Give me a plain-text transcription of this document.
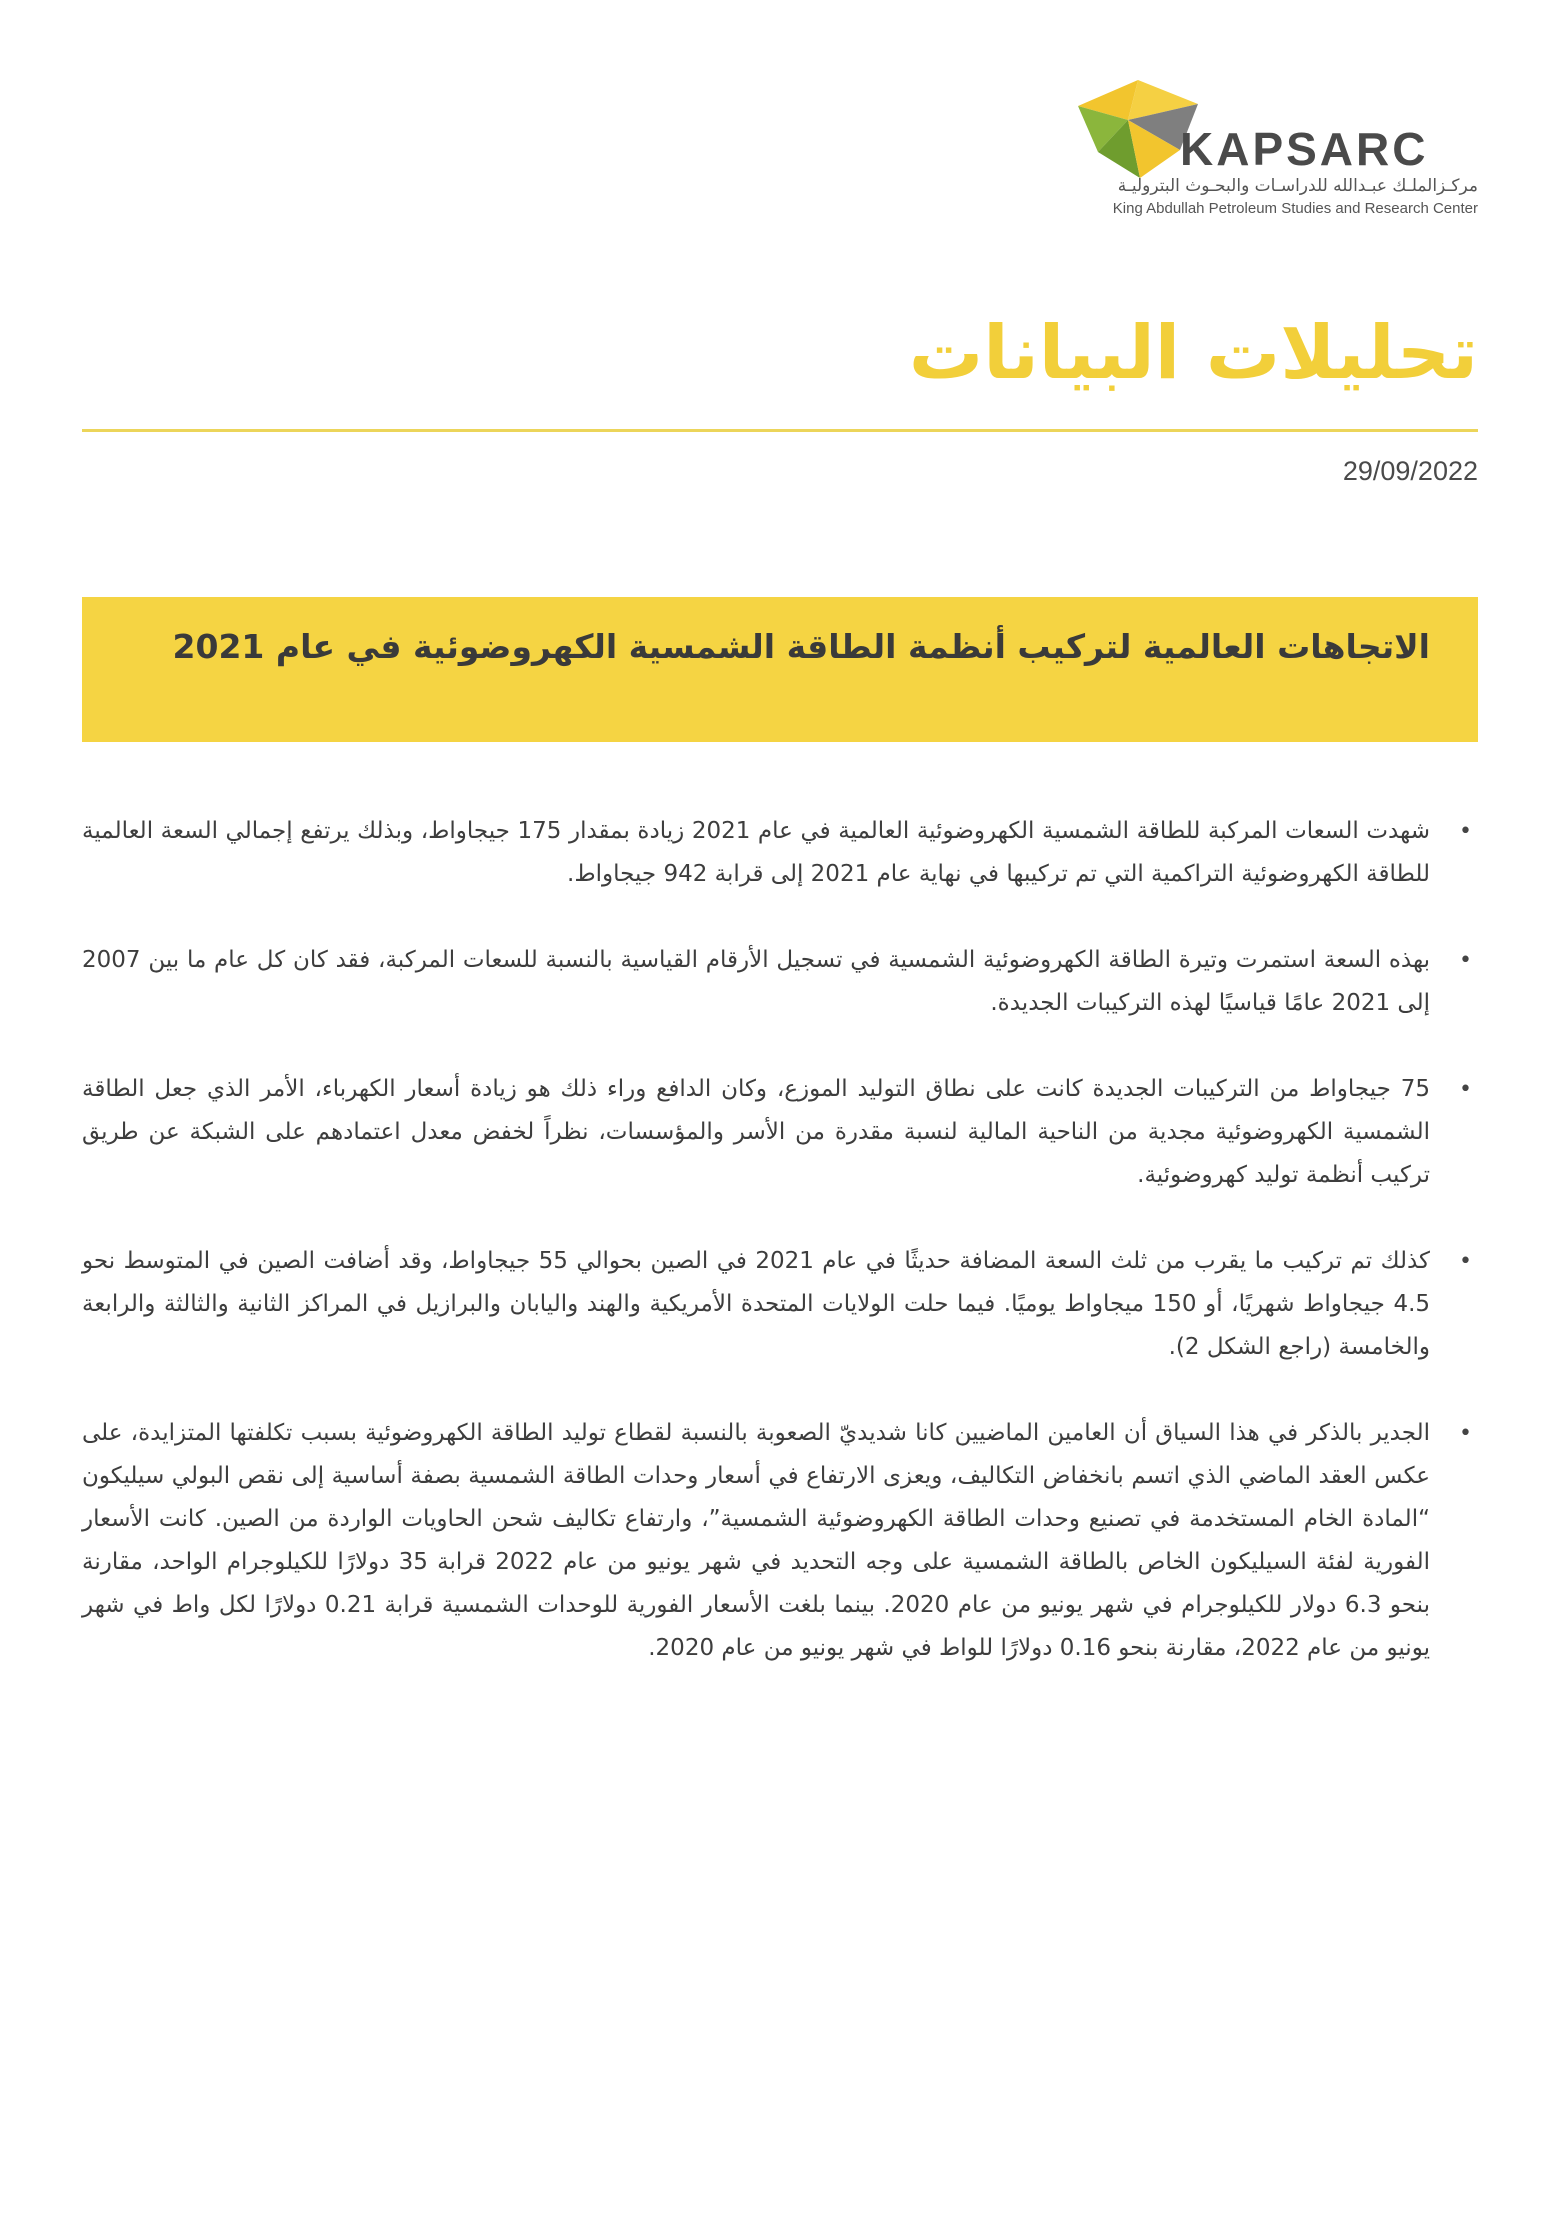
KAPSARC
مركـزالملـك عبـدالله للدراسـات والبحـوث البتروليـة
King Abdullah Petroleum Studies and Research Center
تحليلات البيانات
29/09/2022
الاتجاهات العالمية لتركيب أنظمة الطاقة الشمسية الكهروضوئية في عام 2021
•
شهدت السعات المركبة للطاقة الشمسية الكهروضوئية العالمية في عام 2021 زيادة بمقدار 175 جيجاواط، وبذلك يرتفع إجمالي السعة العالمية للطاقة الكهروضوئية التراكمية التي تم تركيبها في نهاية عام 2021 إلى قرابة 942 جيجاواط.
•
بهذه السعة استمرت وتيرة الطاقة الكهروضوئية الشمسية في تسجيل الأرقام القياسية بالنسبة للسعات المركبة، فقد كان كل عام ما بين 2007 إلى 2021 عامًا قياسيًا لهذه التركيبات الجديدة.
•
75 جيجاواط من التركيبات الجديدة كانت على نطاق التوليد الموزع، وكان الدافع وراء ذلك هو زيادة أسعار الكهرباء، الأمر الذي جعل الطاقة الشمسية الكهروضوئية مجدية من الناحية المالية لنسبة مقدرة من الأسر والمؤسسات، نظراً لخفض معدل اعتمادهم على الشبكة عن طريق تركيب أنظمة توليد كهروضوئية.
•
كذلك تم تركيب ما يقرب من ثلث السعة المضافة حديثًا في عام 2021 في الصين بحوالي 55 جيجاواط، وقد أضافت الصين في المتوسط نحو 4.5 جيجاواط شهريًا، أو 150 ميجاواط يوميًا. فيما حلت الولايات المتحدة الأمريكية والهند واليابان والبرازيل في المراكز الثانية والثالثة والرابعة والخامسة (راجع الشكل 2).
•
الجدير بالذكر في هذا السياق أن العامين الماضيين كانا شديديّ الصعوبة بالنسبة لقطاع توليد الطاقة الكهروضوئية بسبب تكلفتها المتزايدة، على عكس العقد الماضي الذي اتسم بانخفاض التكاليف، ويعزى الارتفاع في أسعار وحدات الطاقة الشمسية بصفة أساسية إلى نقص البولي سيليكون “المادة الخام المستخدمة في تصنيع وحدات الطاقة الكهروضوئية الشمسية”، وارتفاع تكاليف شحن الحاويات الواردة من الصين. كانت الأسعار الفورية لفئة السيليكون الخاص بالطاقة الشمسية على وجه التحديد في شهر يونيو من عام 2022 قرابة 35 دولارًا للكيلوجرام الواحد، مقارنة بنحو 6.3 دولار للكيلوجرام في شهر يونيو من عام 2020. بينما بلغت الأسعار الفورية للوحدات الشمسية قرابة 0.21 دولارًا لكل واط في شهر يونيو من عام 2022، مقارنة بنحو 0.16 دولارًا للواط في شهر يونيو من عام 2020.
